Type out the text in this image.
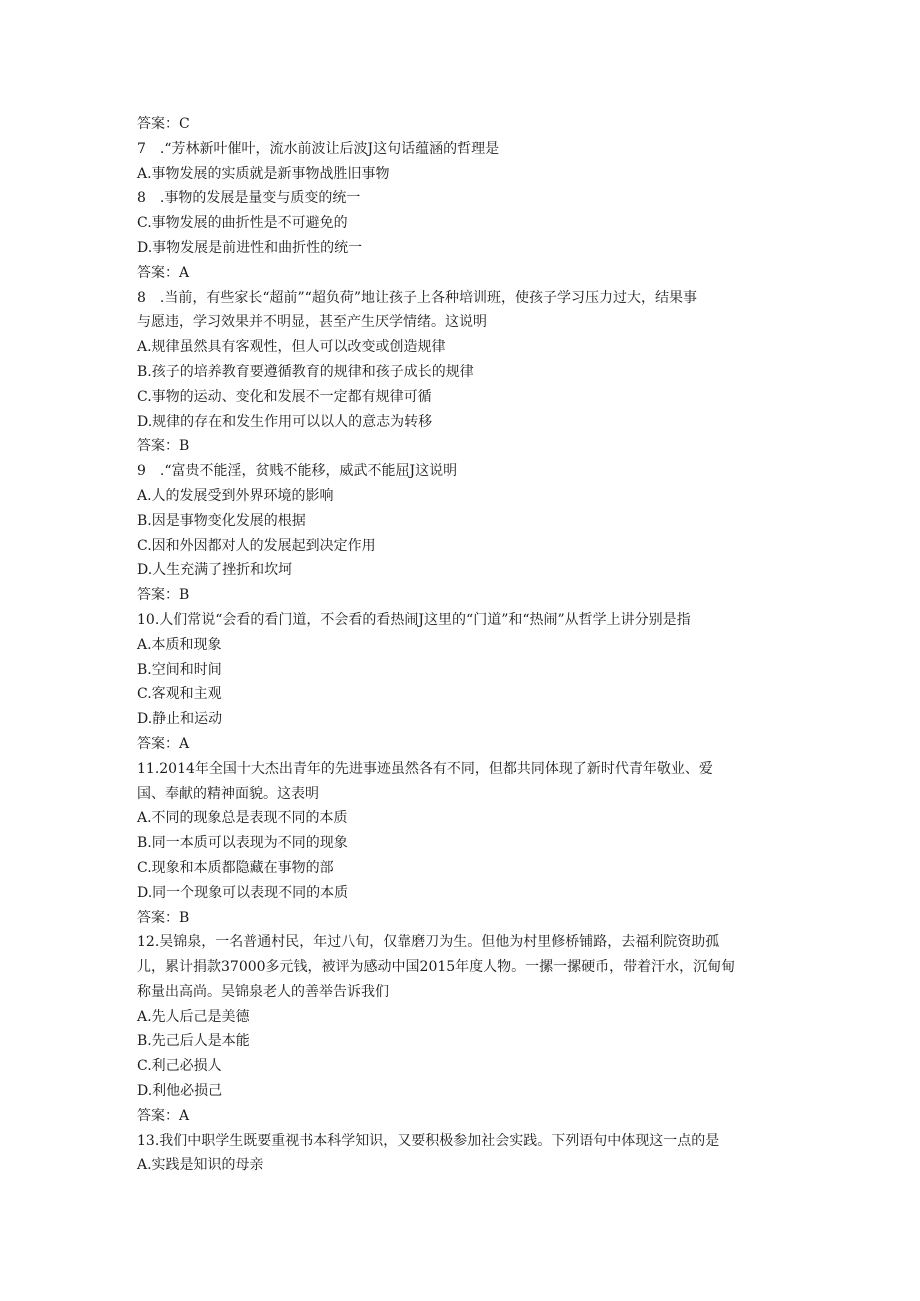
答案：C

7　.“芳林新叶催叶，流水前波让后波J这句话蕴涵的哲理是

A.事物发展的实质就是新事物战胜旧事物

8　.事物的发展是量变与质变的统一

C.事物发展的曲折性是不可避免的

D.事物发展是前进性和曲折性的统一

答案：A

8　.当前，有些家长“超前”“超负荷”地让孩子上各种培训班，使孩子学习压力过大，结果事

与愿违，学习效果并不明显，甚至产生厌学情绪。这说明

A.规律虽然具有客观性，但人可以改变或创造规律

B.孩子的培养教育要遵循教育的规律和孩子成长的规律

C.事物的运动、变化和发展不一定都有规律可循

D.规律的存在和发生作用可以以人的意志为转移

答案：B

9　.“富贵不能淫，贫贱不能移，威武不能屈J这说明

A.人的发展受到外界环境的影响

B.因是事物变化发展的根据

C.因和外因都对人的发展起到决定作用

D.人生充满了挫折和坎坷

答案：B

10.人们常说“会看的看门道，不会看的看热闹J这里的“门道”和“热闹”从哲学上讲分别是指

A.本质和现象

B.空间和时间

C.客观和主观

D.静止和运动

答案：A

11.2014年全国十大杰出青年的先进事迹虽然各有不同，但都共同体现了新时代青年敬业、爱

国、奉献的精神面貌。这表明

A.不同的现象总是表现不同的本质

B.同一本质可以表现为不同的现象

C.现象和本质都隐藏在事物的部

D.同一个现象可以表现不同的本质

答案：B

12.吴锦泉，一名普通村民，年过八旬，仅靠磨刀为生。但他为村里修桥铺路，去福利院资助孤

儿，累计捐款37000多元钱，被评为感动中国2015年度人物。一摞一摞硬币，带着汗水，沉甸甸

称量出高尚。吴锦泉老人的善举告诉我们

A.先人后己是美德

B.先己后人是本能

C.利己必损人

D.利他必损己

答案：A

13.我们中职学生既要重视书本科学知识，又要积极参加社会实践。下列语句中体现这一点的是

A.实践是知识的母亲
